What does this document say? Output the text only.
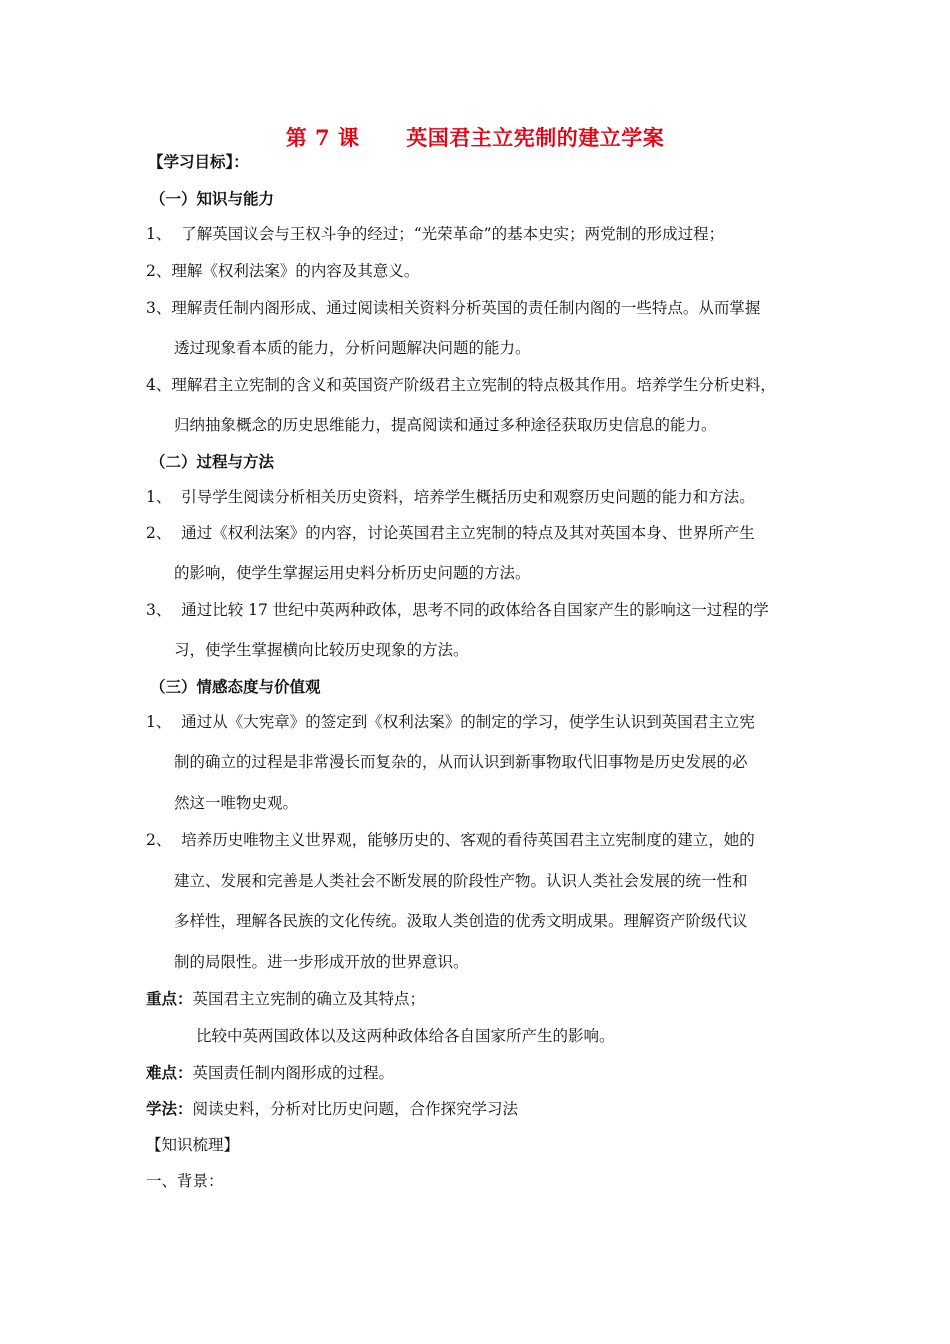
第 7 课      英国君主立宪制的建立学案
【学习目标】：
（一）知识与能力
1、  了解英国议会与王权斗争的经过；“光荣革命”的基本史实；两党制的形成过程；
2、理解《权利法案》的内容及其意义。
3、理解责任制内阁形成、通过阅读相关资料分析英国的责任制内阁的一些特点。从而掌握
透过现象看本质的能力，分析问题解决问题的能力。
4、理解君主立宪制的含义和英国资产阶级君主立宪制的特点极其作用。培养学生分析史料，
归纳抽象概念的历史思维能力，提高阅读和通过多种途径获取历史信息的能力。
（二）过程与方法
1、  引导学生阅读分析相关历史资料，培养学生概括历史和观察历史问题的能力和方法。
2、  通过《权利法案》的内容，讨论英国君主立宪制的特点及其对英国本身、世界所产生
的影响，使学生掌握运用史料分析历史问题的方法。
3、  通过比较 17 世纪中英两种政体，思考不同的政体给各自国家产生的影响这一过程的学
习，使学生掌握横向比较历史现象的方法。
（三）情感态度与价值观
1、  通过从《大宪章》的签定到《权利法案》的制定的学习，使学生认识到英国君主立宪
制的确立的过程是非常漫长而复杂的，从而认识到新事物取代旧事物是历史发展的必
然这一唯物史观。
2、  培养历史唯物主义世界观，能够历史的、客观的看待英国君主立宪制度的建立，她的
建立、发展和完善是人类社会不断发展的阶段性产物。认识人类社会发展的统一性和
多样性，理解各民族的文化传统。汲取人类创造的优秀文明成果。理解资产阶级代议
制的局限性。进一步形成开放的世界意识。
重点：英国君主立宪制的确立及其特点；
比较中英两国政体以及这两种政体给各自国家所产生的影响。
难点：英国责任制内阁形成的过程。
学法：阅读史料，分析对比历史问题，合作探究学习法
【知识梳理】
一、背景：
